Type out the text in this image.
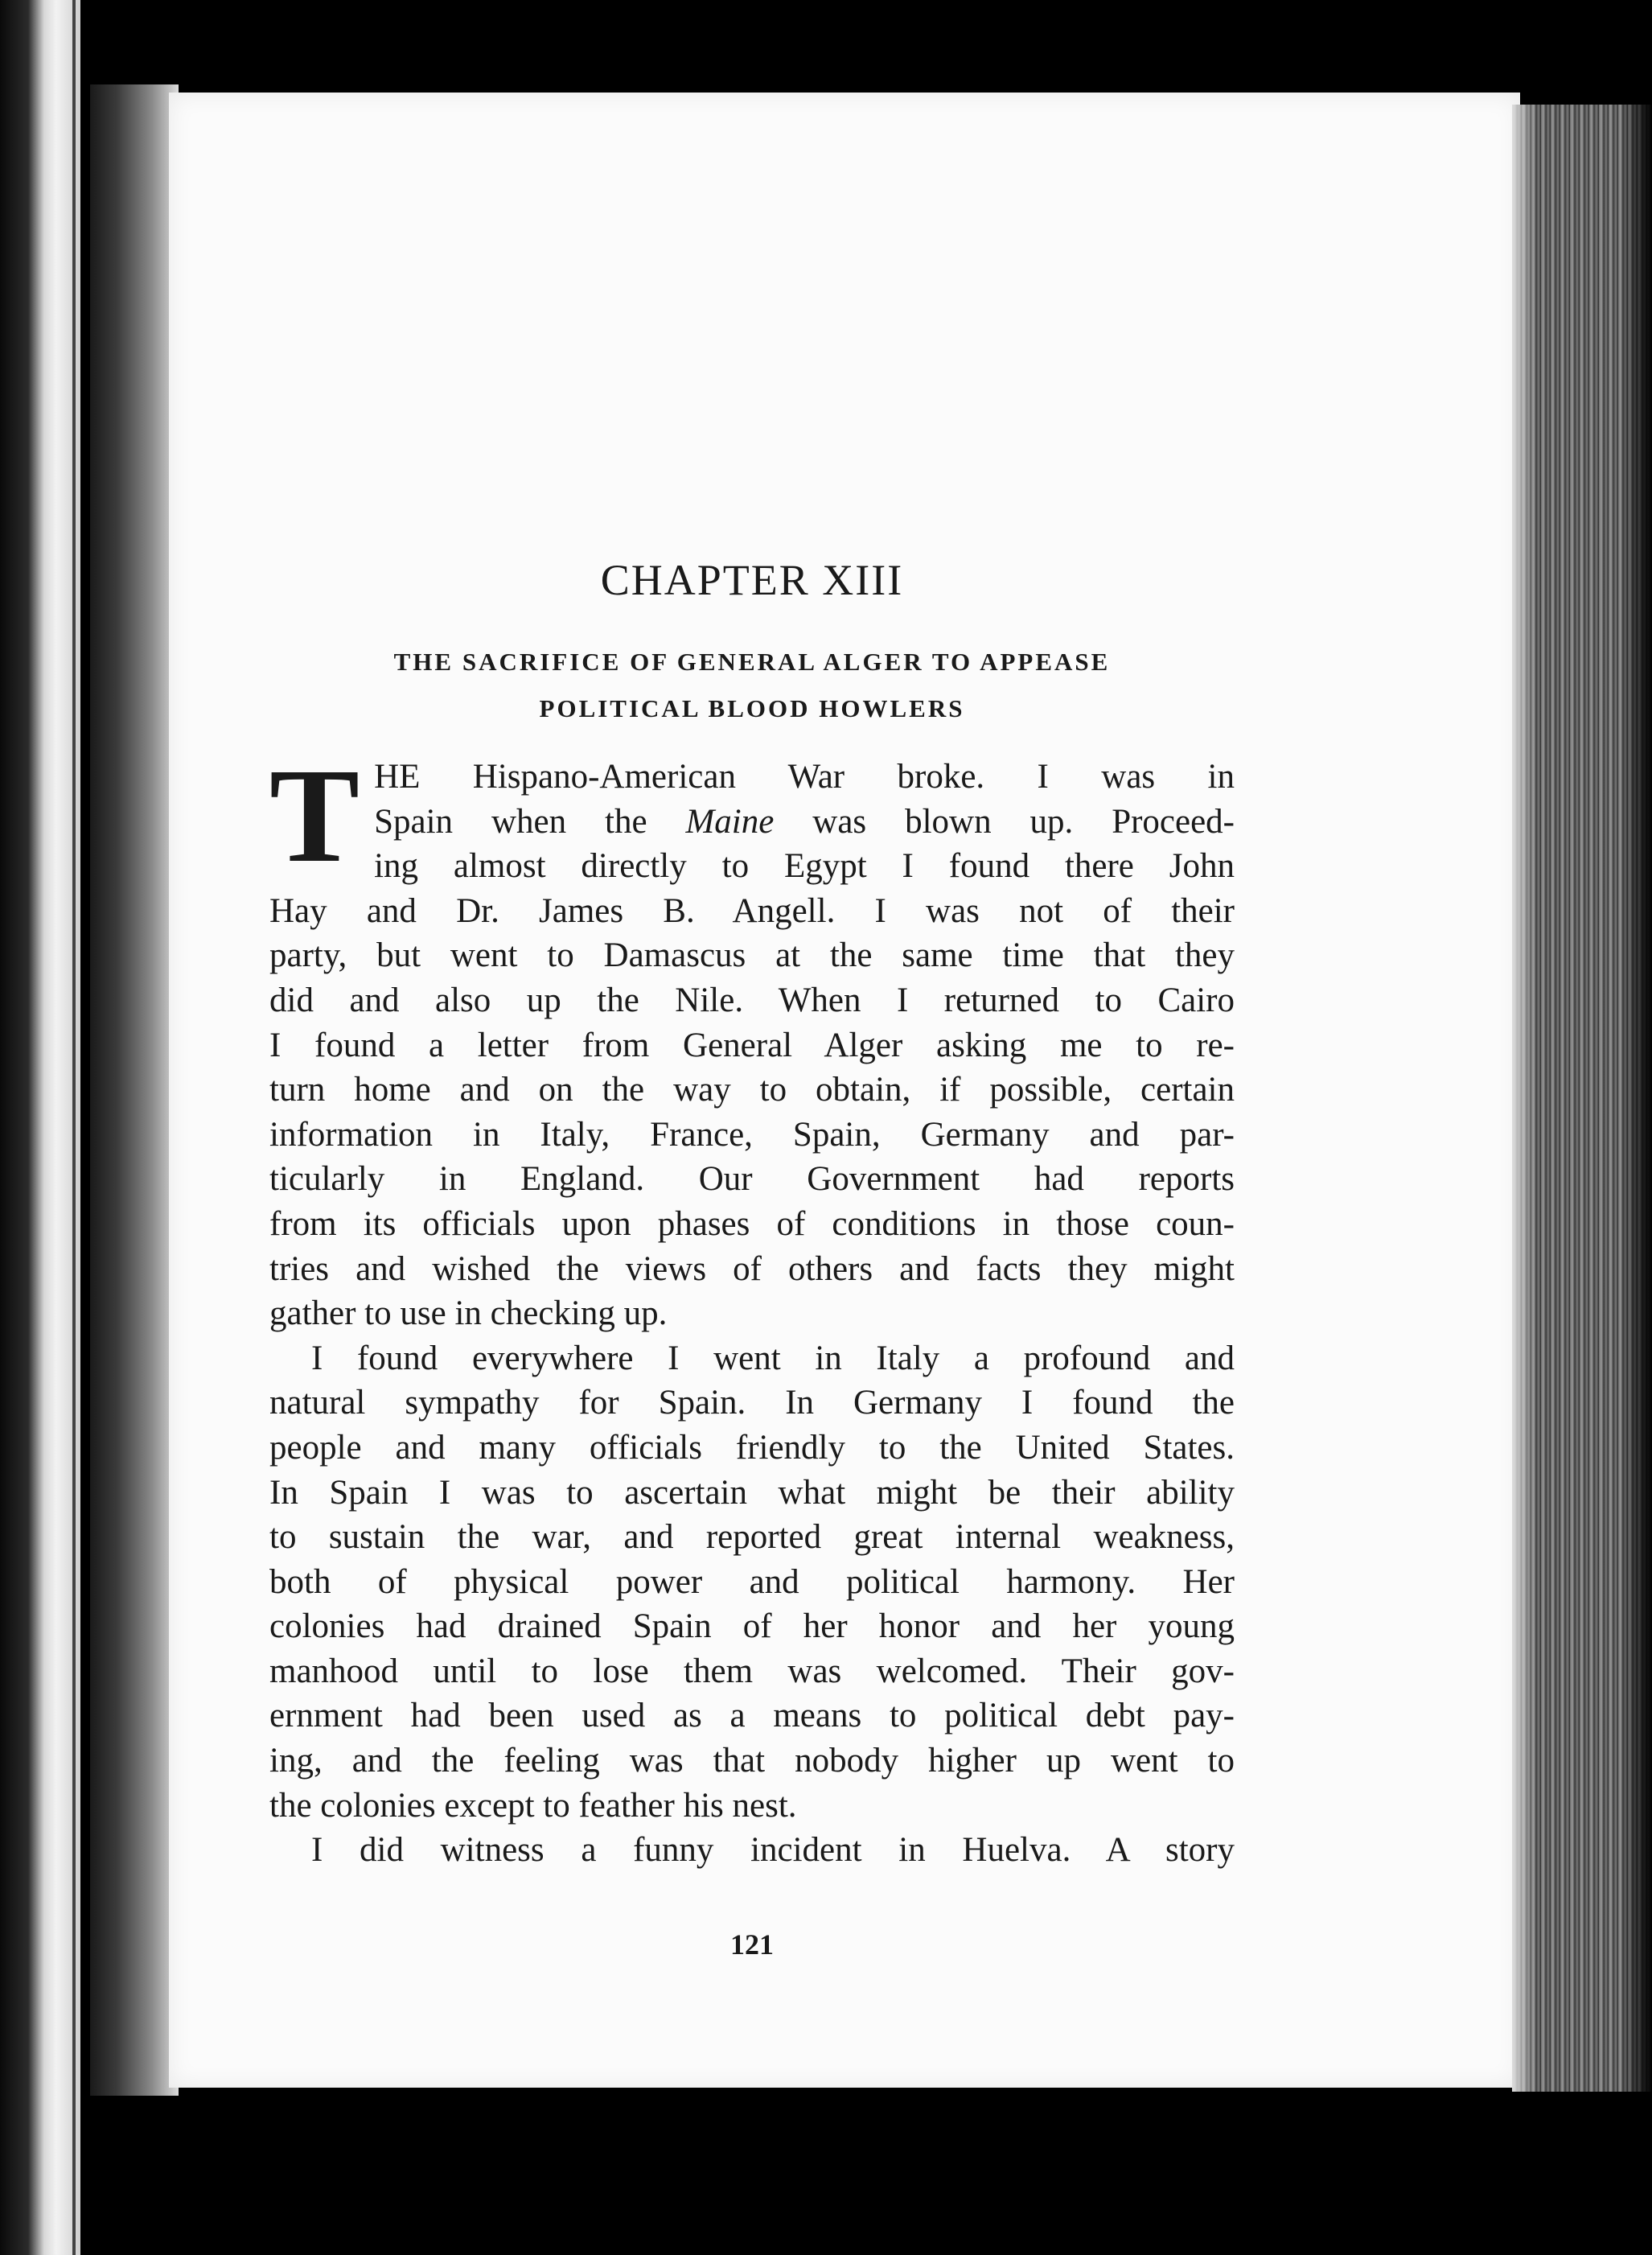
CHAPTER XIII
THE SACRIFICE OF GENERAL ALGER TO APPEASE
POLITICAL BLOOD HOWLERS
T HE Hispano-American War broke. I was in
Spain when the Maine was blown up. Proceed-
ing almost directly to Egypt I found there John
Hay and Dr. James B. Angell. I was not of their
party, but went to Damascus at the same time that they
did and also up the Nile. When I returned to Cairo
I found a letter from General Alger asking me to re-
turn home and on the way to obtain, if possible, certain
information in Italy, France, Spain, Germany and par-
ticularly in England. Our Government had reports
from its officials upon phases of conditions in those coun-
tries and wished the views of others and facts they might
gather to use in checking up.
I found everywhere I went in Italy a profound and
natural sympathy for Spain. In Germany I found the
people and many officials friendly to the United States.
In Spain I was to ascertain what might be their ability
to sustain the war, and reported great internal weakness,
both of physical power and political harmony. Her
colonies had drained Spain of her honor and her young
manhood until to lose them was welcomed. Their gov-
ernment had been used as a means to political debt pay-
ing, and the feeling was that nobody higher up went to
the colonies except to feather his nest.
I did witness a funny incident in Huelva. A story
121
